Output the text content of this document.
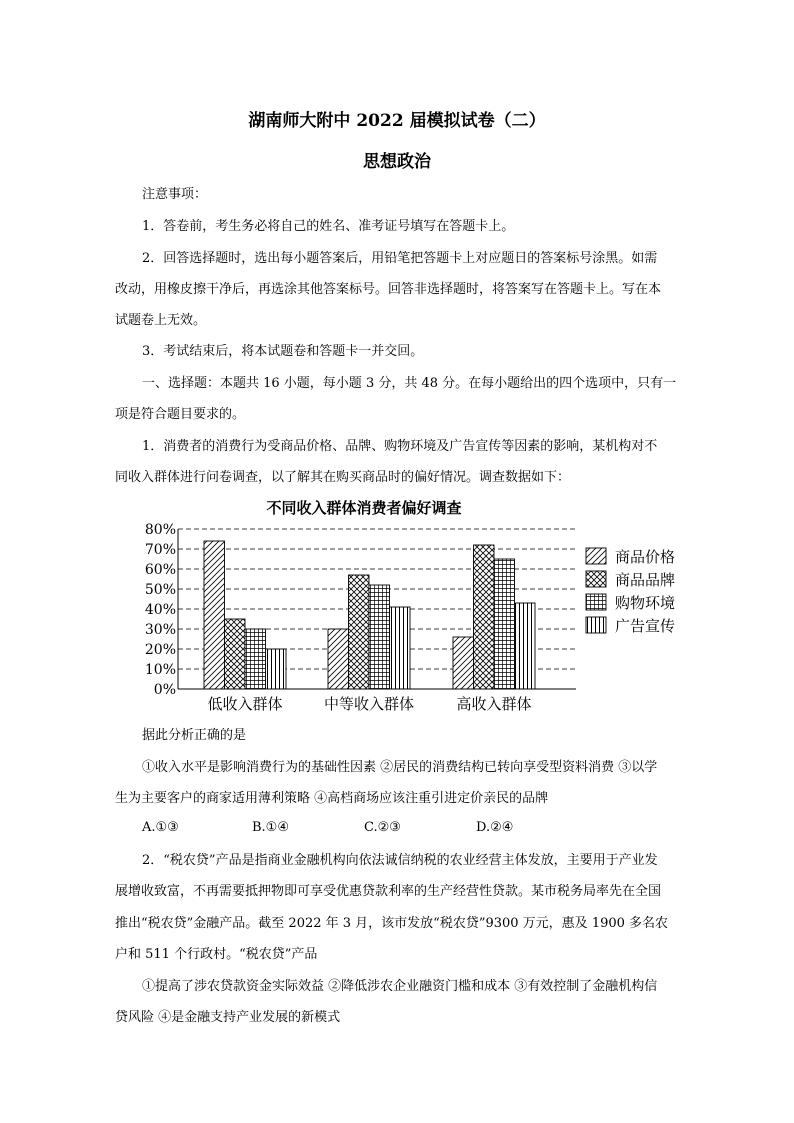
湖南师大附中 2022 届模拟试卷（二）
思想政治
注意事项：
1．答卷前，考生务必将自己的姓名、准考证号填写在答题卡上。
2．回答选择题时，选出每小题答案后，用铅笔把答题卡上对应题日的答案标号涂黑。如需
改动，用橡皮擦干净后，再选涂其他答案标号。回答非选择题时，将答案写在答题卡上。写在本
试题卷上无效。
3．考试结束后，将本试题卷和答题卡一并交回。
一、选择题：本题共 16 小题，每小题 3 分，共 48 分。在每小题给出的四个选项中，只有一
项是符合题目要求的。
1．消费者的消费行为受商品价格、品牌、购物环境及广告宣传等因素的影响，某机构对不
同收入群体进行问卷调查，以了解其在购买商品时的偏好情况。调查数据如下：
不同收入群体消费者偏好调查
0%
10%
20%
30%
40%
50%
60%
70%
80%
低收入群体	中等收入群体	高收入群体
商品价格
商品品牌
购物环境
广告宣传
据此分析正确的是
①收入水平是影响消费行为的基础性因素 ②居民的消费结构已转向享受型资料消费 ③以学
生为主要客户的商家适用薄利策略 ④高档商场应该注重引进定价亲民的品牌
A.①③	B.①④	C.②③	D.②④
2．“税农贷”产品是指商业金融机构向依法诚信纳税的农业经营主体发放，主要用于产业发
展增收致富，不再需要抵押物即可享受优惠贷款利率的生产经营性贷款。某市税务局率先在全国
推出“税农贷”金融产品。截至 2022 年 3 月，该市发放“税农贷”9300 万元，惠及 1900 多名农
户和 511 个行政村。“税农贷”产品
①提高了涉农贷款资金实际效益 ②降低涉农企业融资门槛和成本 ③有效控制了金融机构信
贷风险 ④是金融支持产业发展的新模式
